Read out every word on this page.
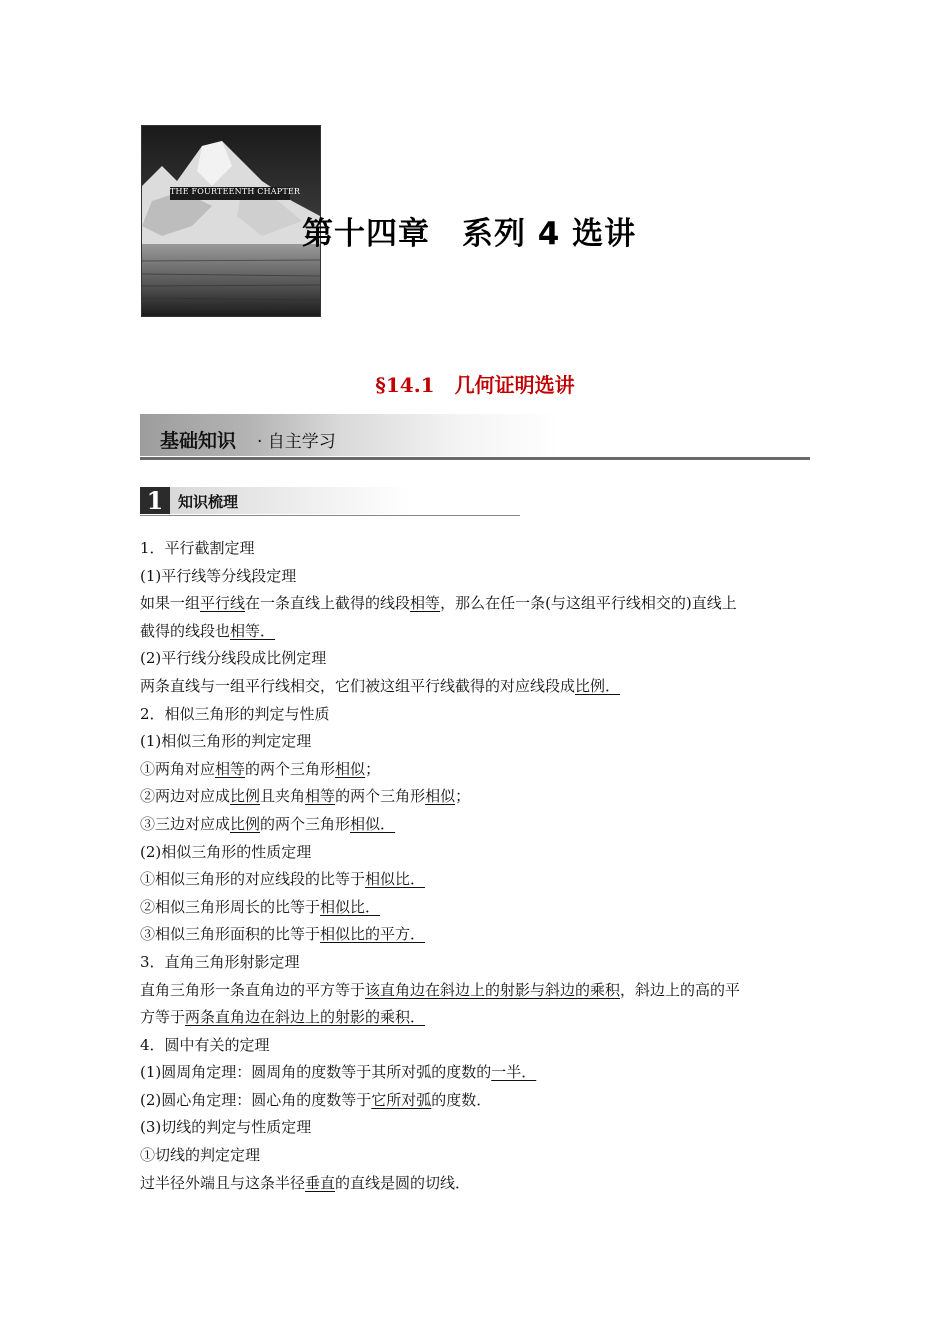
THE FOURTEENTH CHAPTER
第十四章　系列 4 选讲
§14.1　几何证明选讲
基础知识 · 自主学习
1 知识梳理
1．平行截割定理
(1)平行线等分线段定理
如果一组平行线在一条直线上截得的线段相等，那么在任一条(与这组平行线相交的)直线上
截得的线段也相等．
(2)平行线分线段成比例定理
两条直线与一组平行线相交，它们被这组平行线截得的对应线段成比例．
2．相似三角形的判定与性质
(1)相似三角形的判定定理
①两角对应相等的两个三角形相似；
②两边对应成比例且夹角相等的两个三角形相似；
③三边对应成比例的两个三角形相似．
(2)相似三角形的性质定理
①相似三角形的对应线段的比等于相似比．
②相似三角形周长的比等于相似比．
③相似三角形面积的比等于相似比的平方．
3．直角三角形射影定理
直角三角形一条直角边的平方等于该直角边在斜边上的射影与斜边的乘积，斜边上的高的平
方等于两条直角边在斜边上的射影的乘积．
4．圆中有关的定理
(1)圆周角定理：圆周角的度数等于其所对弧的度数的一半．
(2)圆心角定理：圆心角的度数等于它所对弧的度数．
(3)切线的判定与性质定理
①切线的判定定理
过半径外端且与这条半径垂直的直线是圆的切线．
